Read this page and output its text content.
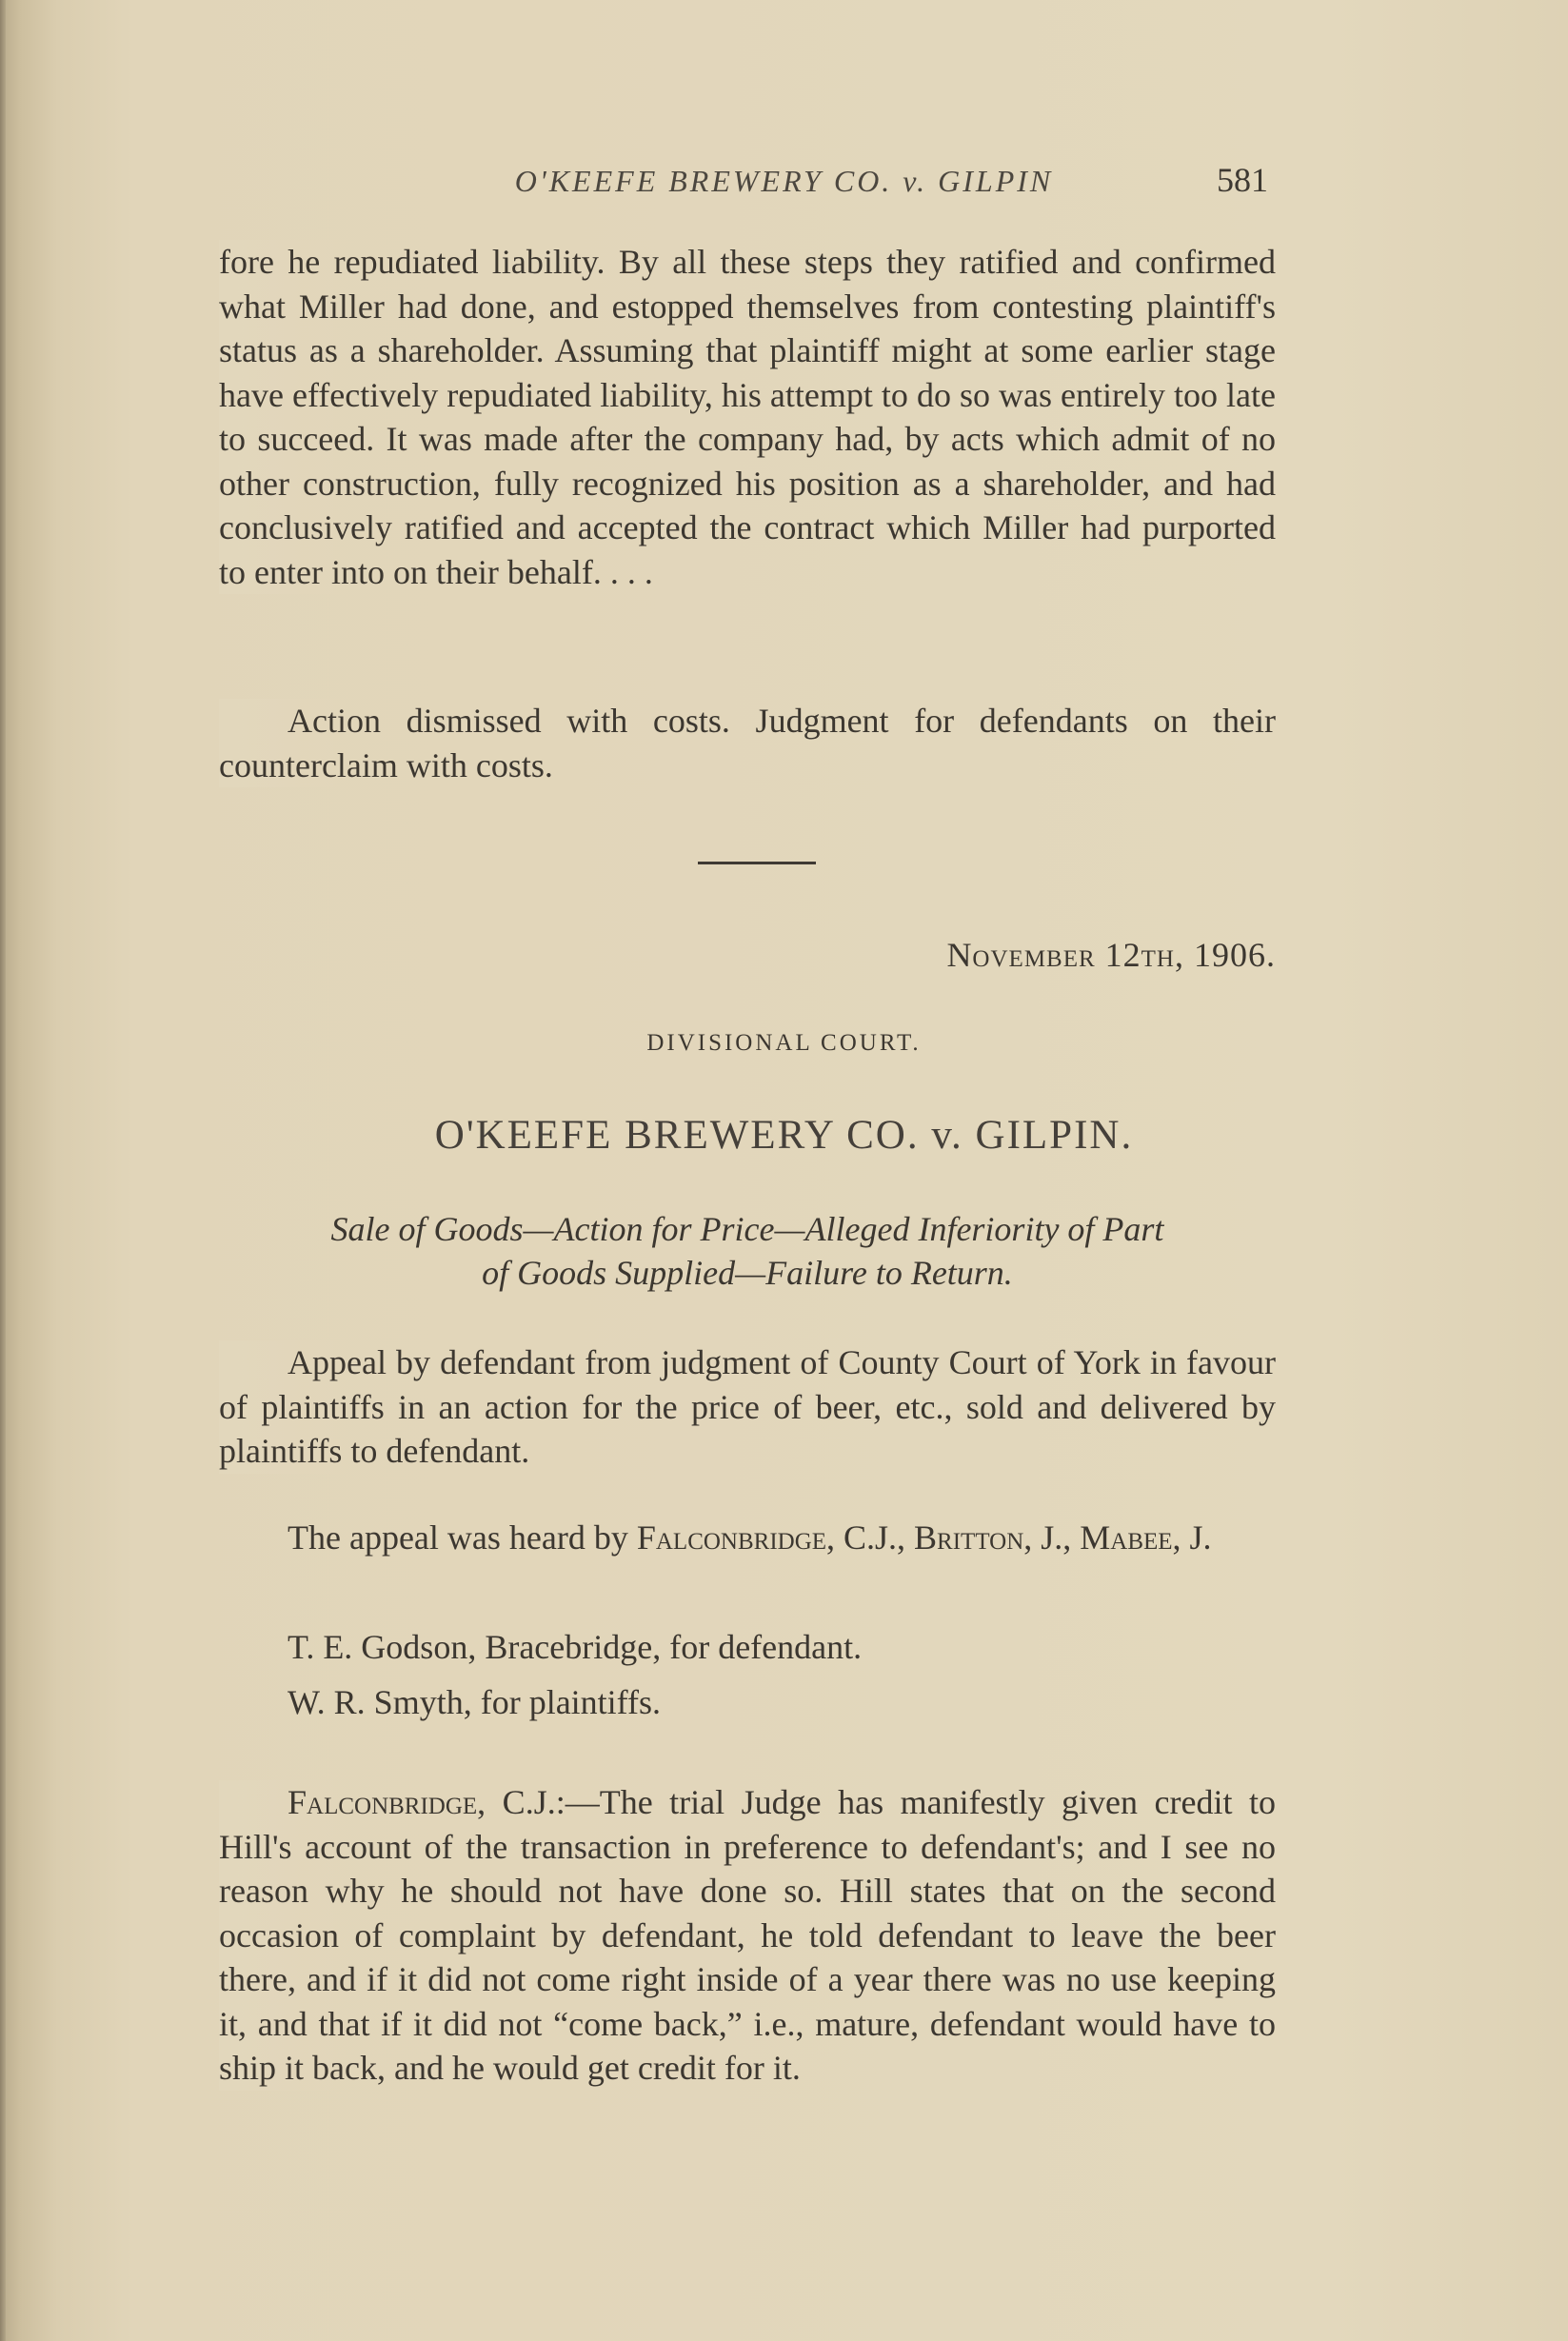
O'KEEFE BREWERY CO. v. GILPIN	581

fore he repudiated liability. By all these steps they ratified and confirmed what Miller had done, and estopped themselves from contesting plaintiff's status as a shareholder. Assuming that plaintiff might at some earlier stage have effectively repudiated liability, his attempt to do so was entirely too late to succeed. It was made after the company had, by acts which admit of no other construction, fully recognized his position as a shareholder, and had conclusively ratified and accepted the contract which Miller had purported to enter into on their behalf. . . .

Action dismissed with costs. Judgment for defendants on their counterclaim with costs.

November 12th, 1906.
DIVISIONAL COURT.
O'KEEFE BREWERY CO. v. GILPIN.
Sale of Goods—Action for Price—Alleged Inferiority of Part
of Goods Supplied—Failure to Return.

Appeal by defendant from judgment of County Court of York in favour of plaintiffs in an action for the price of beer, etc., sold and delivered by plaintiffs to defendant.

The appeal was heard by Falconbridge, C.J., Britton, J., Mabee, J.

T. E. Godson, Bracebridge, for defendant.

W. R. Smyth, for plaintiffs.

Falconbridge, C.J.:—The trial Judge has manifestly given credit to Hill's account of the transaction in preference to defendant's; and I see no reason why he should not have done so. Hill states that on the second occasion of complaint by defendant, he told defendant to leave the beer there, and if it did not come right inside of a year there was no use keeping it, and that if it did not “come back,” i.e., mature, defendant would have to ship it back, and he would get credit for it.
